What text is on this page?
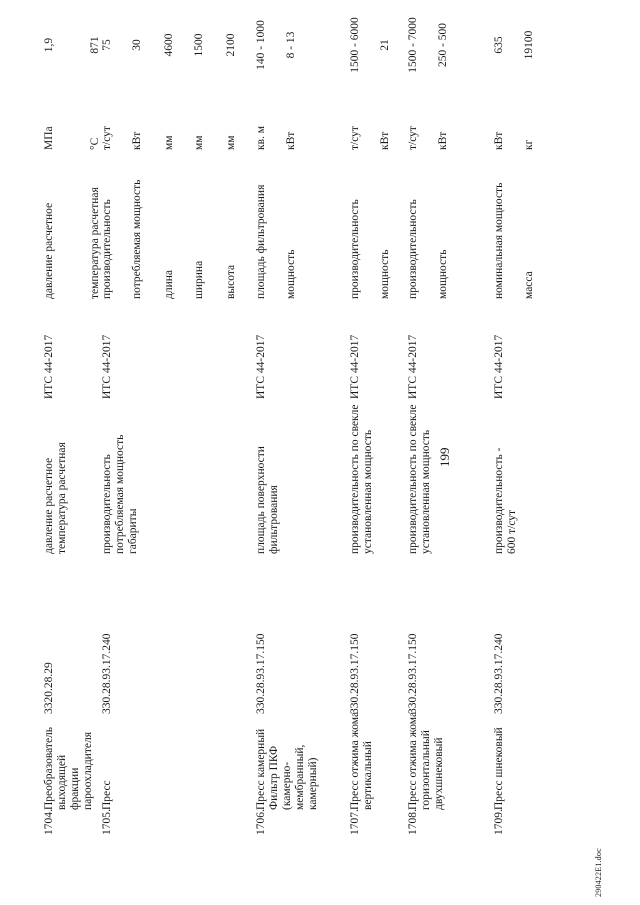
199
1704.
Преобразователь выходящей фракции пароохладителя
3320.28.29
давление расчетное
температура расчетная
ИТС 44-2017
давление расчетное
МПа
1,9
температура расчетная
°С
871
1705.
Пресс
330.28.93.17.240
производительность
потребляемая мощность
габариты
ИТС 44-2017
производительность
т/сут
75
потребляемая мощность
кВт
30
длина
мм
4600
ширина
мм
1500
высота
мм
2100
1706.
Пресс камерный Фильтр ПКФ (камерно-мембранный, камерный)
330.28.93.17.150
площадь поверхности фильтрования
ИТС 44-2017
площадь фильтрования
кв. м
140 - 1000
мощность
кВт
8 - 13
1707.
Пресс отжима жома вертикальный
330.28.93.17.150
производительность по свекле
установленная мощность
ИТС 44-2017
производительность
т/сут
1500 - 6000
мощность
кВт
21
1708.
Пресс отжима жома горизонтальный двухшнековый
330.28.93.17.150
производительность по свекле
установленная мощность
ИТС 44-2017
производительность
т/сут
1500 - 7000
мощность
кВт
250 - 500
1709.
Пресс шнековый
330.28.93.17.240
производительность -
600 т/сут
ИТС 44-2017
номинальная мощность
кВт
635
масса
кг
19100
290422E1.doc
